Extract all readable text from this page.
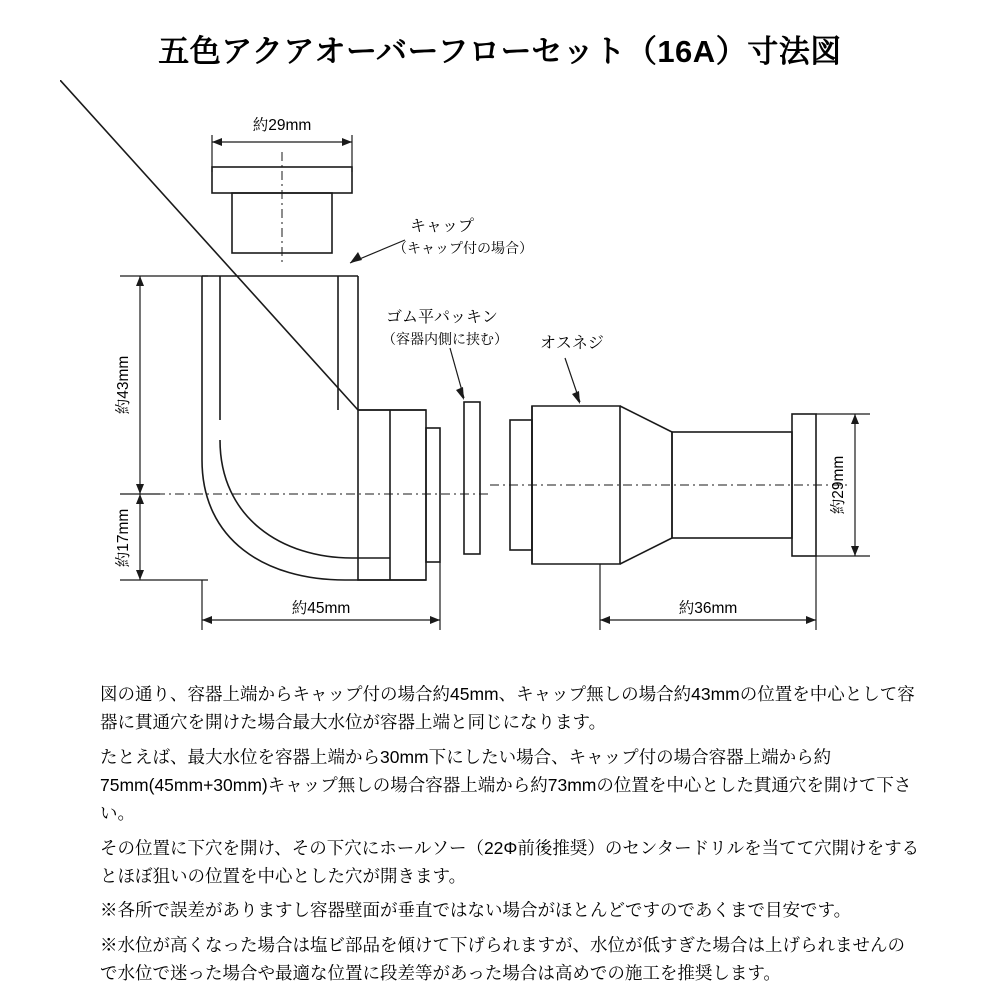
五色アクアオーバーフローセット（16A）寸法図
約29mm
キャップ
（キャップ付の場合）
約43mm
約17mm
約45mm
ゴム平パッキン
（容器内側に挟む） オスネジ
約36mm
約29mm

図の通り、容器上端からキャップ付の場合約45mm、キャップ無しの場合約43mmの位置を中心として容器に貫通穴を開けた場合最大水位が容器上端と同じになります。

たとえば、最大水位を容器上端から30mm下にしたい場合、キャップ付の場合容器上端から約75mm(45mm+30mm)キャップ無しの場合容器上端から約73mmの位置を中心とした貫通穴を開けて下さい。

その位置に下穴を開け、その下穴にホールソー（22Φ前後推奨）のセンタードリルを当てて穴開けをするとほぼ狙いの位置を中心とした穴が開きます。

※各所で誤差がありますし容器壁面が垂直ではない場合がほとんどですのであくまで目安です。

※水位が高くなった場合は塩ビ部品を傾けて下げられますが、水位が低すぎた場合は上げられませんので水位で迷った場合や最適な位置に段差等があった場合は高めでの施工を推奨します。
